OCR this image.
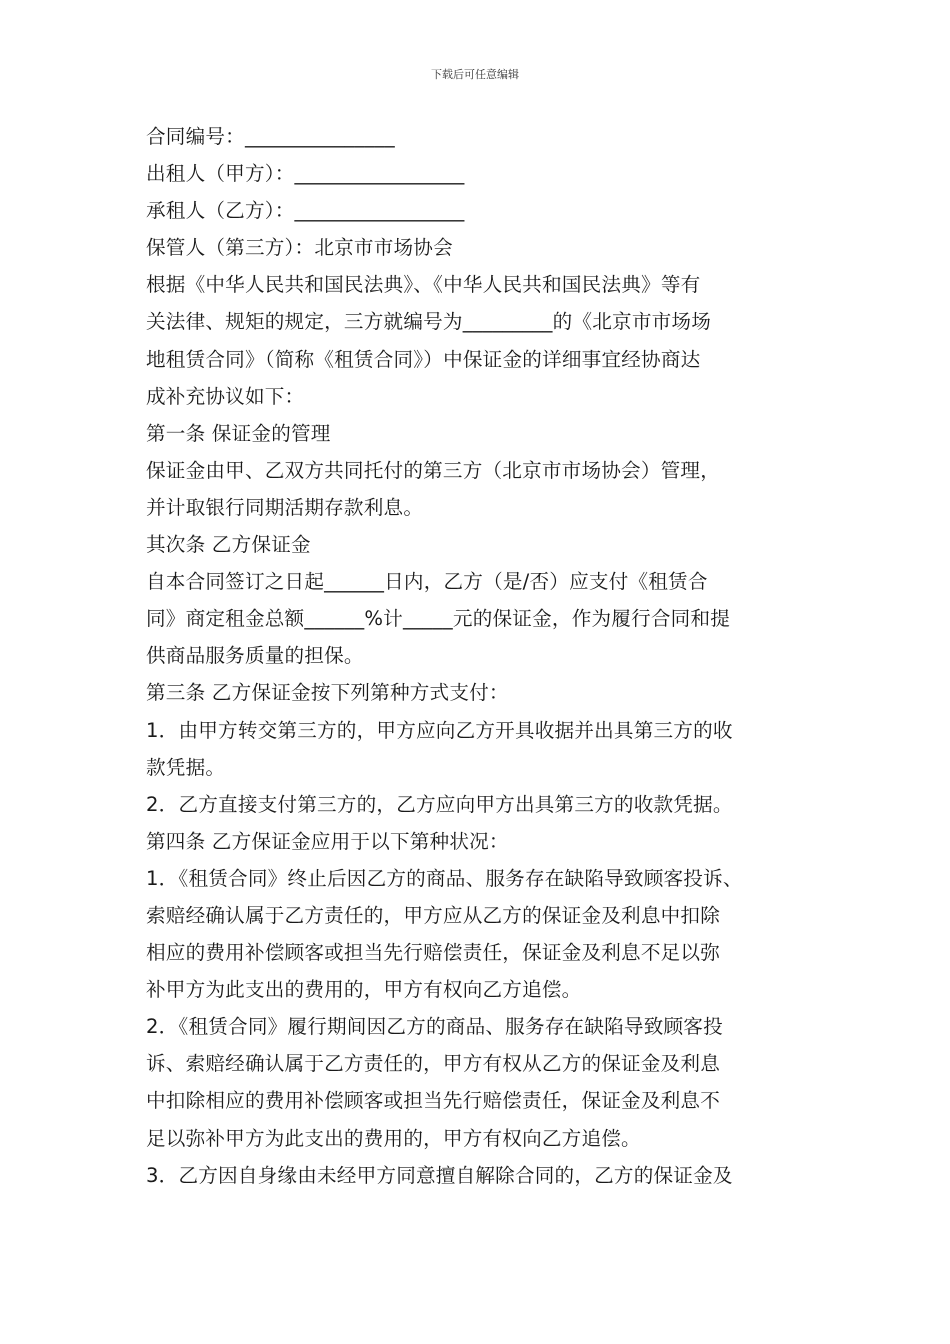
下载后可任意编辑
合同编号：_______________
出租人（甲方）：_________________
承租人（乙方）：_________________
保管人（第三方）：北京市市场协会
根据《中华人民共和国民法典》、《中华人民共和国民法典》等有
关法律、规矩的规定，三方就编号为_________的《北京市市场场
地租赁合同》（简称《租赁合同》）中保证金的详细事宜经协商达
成补充协议如下：
第一条 保证金的管理
保证金由甲、乙双方共同托付的第三方（北京市市场协会）管理，
并计取银行同期活期存款利息。
其次条 乙方保证金
自本合同签订之日起______日内，乙方（是/否）应支付《租赁合
同》商定租金总额______%计_____元的保证金，作为履行合同和提
供商品服务质量的担保。
第三条 乙方保证金按下列第种方式支付：
1．由甲方转交第三方的，甲方应向乙方开具收据并出具第三方的收
款凭据。
2．乙方直接支付第三方的，乙方应向甲方出具第三方的收款凭据。
第四条 乙方保证金应用于以下第种状况：
1．《租赁合同》终止后因乙方的商品、服务存在缺陷导致顾客投诉、
索赔经确认属于乙方责任的，甲方应从乙方的保证金及利息中扣除
相应的费用补偿顾客或担当先行赔偿责任，保证金及利息不足以弥
补甲方为此支出的费用的，甲方有权向乙方追偿。
2．《租赁合同》履行期间因乙方的商品、服务存在缺陷导致顾客投
诉、索赔经确认属于乙方责任的，甲方有权从乙方的保证金及利息
中扣除相应的费用补偿顾客或担当先行赔偿责任，保证金及利息不
足以弥补甲方为此支出的费用的，甲方有权向乙方追偿。
3．乙方因自身缘由未经甲方同意擅自解除合同的，乙方的保证金及
